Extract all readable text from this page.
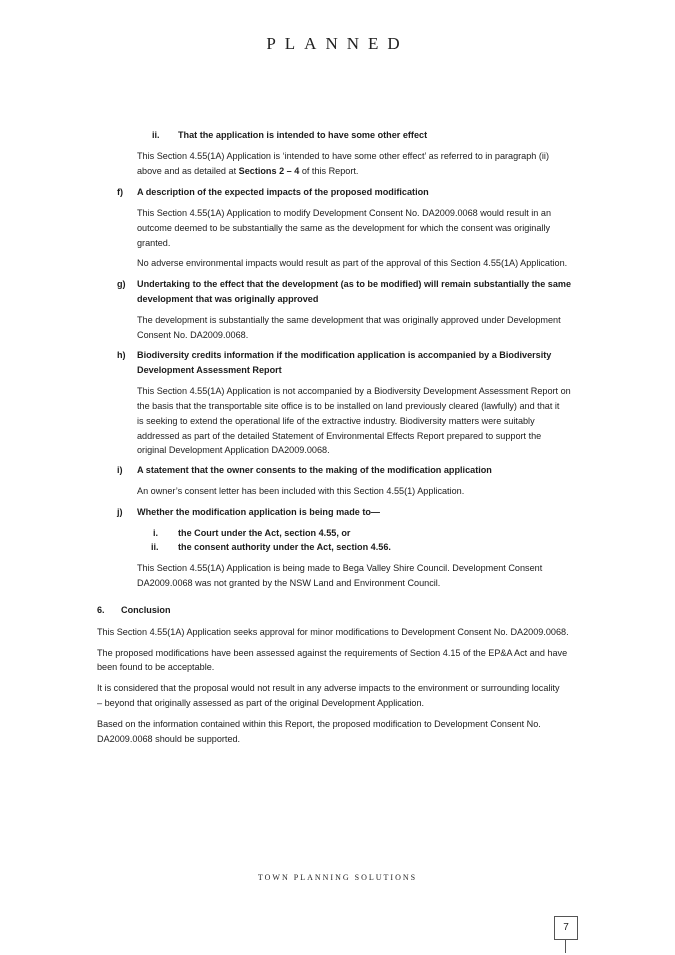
PLANNED
ii. That the application is intended to have some other effect
This Section 4.55(1A) Application is ‘intended to have some other effect’ as referred to in paragraph (ii)
above and as detailed at Sections 2 – 4 of this Report.
f) A description of the expected impacts of the proposed modification
This Section 4.55(1A) Application to modify Development Consent No. DA2009.0068 would result in an
outcome deemed to be substantially the same as the development for which the consent was originally
granted.
No adverse environmental impacts would result as part of the approval of this Section 4.55(1A) Application.
g) Undertaking to the effect that the development (as to be modified) will remain substantially the same
development that was originally approved
The development is substantially the same development that was originally approved under Development
Consent No. DA2009.0068.
h) Biodiversity credits information if the modification application is accompanied by a Biodiversity
Development Assessment Report
This Section 4.55(1A) Application is not accompanied by a Biodiversity Development Assessment Report on
the basis that the transportable site office is to be installed on land previously cleared (lawfully) and that it
is seeking to extend the operational life of the extractive industry. Biodiversity matters were suitably
addressed as part of the detailed Statement of Environmental Effects Report prepared to support the
original Development Application DA2009.0068.
i) A statement that the owner consents to the making of the modification application
An owner’s consent letter has been included with this Section 4.55(1) Application.
j) Whether the modification application is being made to—
i. the Court under the Act, section 4.55, or
ii. the consent authority under the Act, section 4.56.
This Section 4.55(1A) Application is being made to Bega Valley Shire Council. Development Consent
DA2009.0068 was not granted by the NSW Land and Environment Council.
6. Conclusion
This Section 4.55(1A) Application seeks approval for minor modifications to Development Consent No. DA2009.0068.
The proposed modifications have been assessed against the requirements of Section 4.15 of the EP&A Act and have
been found to be acceptable.
It is considered that the proposal would not result in any adverse impacts to the environment or surrounding locality
– beyond that originally assessed as part of the original Development Application.
Based on the information contained within this Report, the proposed modification to Development Consent No.
DA2009.0068 should be supported.
TOWN PLANNING SOLUTIONS
7
